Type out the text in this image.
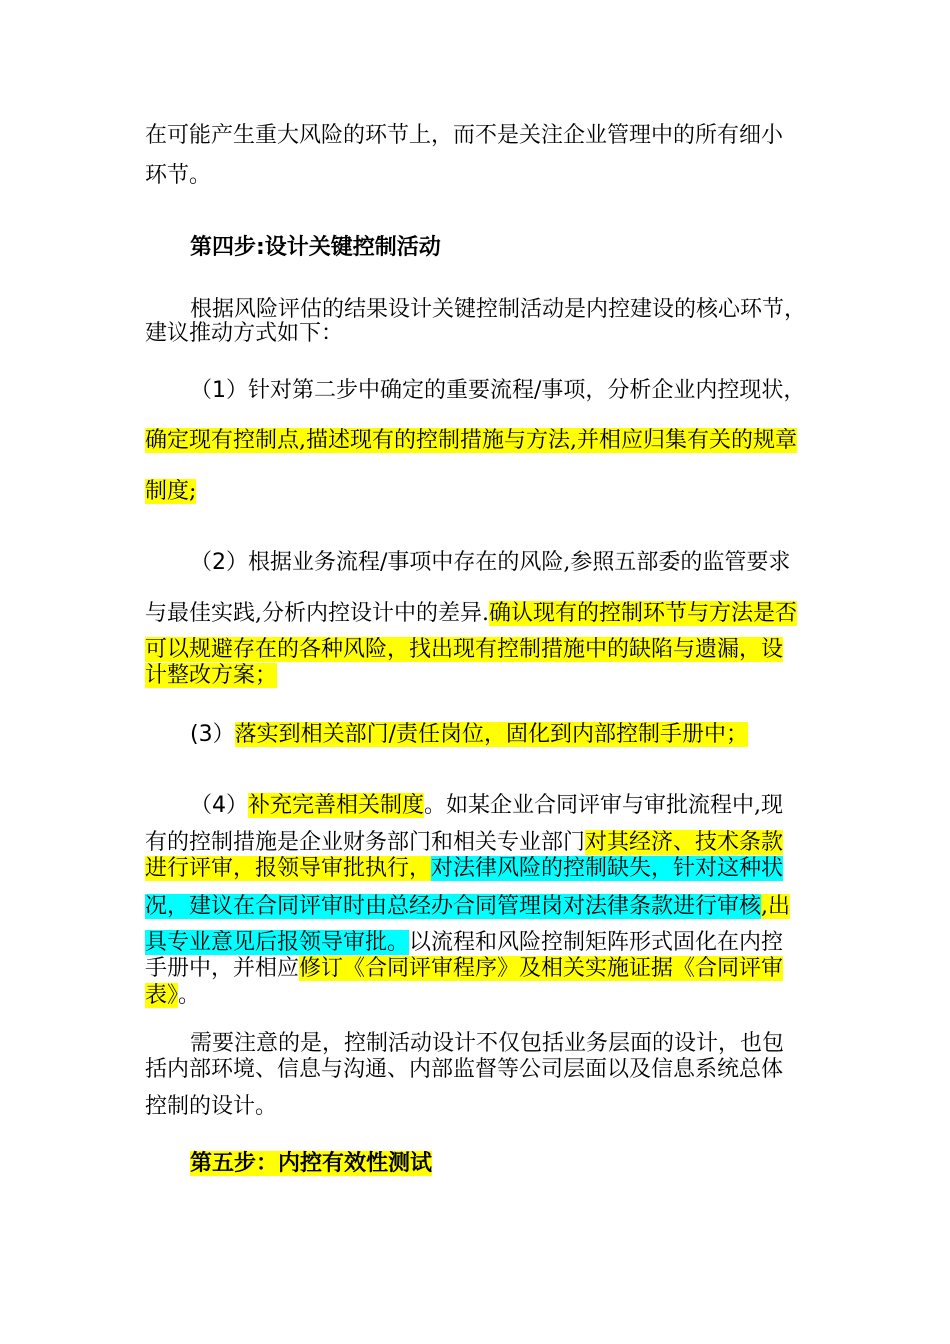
在可能产生重大风险的环节上，而不是关注企业管理中的所有细小
环节。
第四步:设计关键控制活动
根据风险评估的结果设计关键控制活动是内控建设的核心环节，
建议推动方式如下：
（1）针对第二步中确定的重要流程/事项，分析企业内控现状，
确定现有控制点,描述现有的控制措施与方法,并相应归集有关的规章
制度;
（2）根据业务流程/事项中存在的风险,参照五部委的监管要求
与最佳实践,分析内控设计中的差异.确认现有的控制环节与方法是否
可以规避存在的各种风险，找出现有控制措施中的缺陷与遗漏，设
计整改方案；
(3）落实到相关部门/责任岗位，固化到内部控制手册中；
（4）补充完善相关制度。如某企业合同评审与审批流程中,现
有的控制措施是企业财务部门和相关专业部门对其经济、技术条款
进行评审，报领导审批执行，对法律风险的控制缺失，针对这种状
况，建议在合同评审时由总经办合同管理岗对法律条款进行审核,出
具专业意见后报领导审批。以流程和风险控制矩阵形式固化在内控
手册中，并相应修订《合同评审程序》及相关实施证据《合同评审
表》。
需要注意的是，控制活动设计不仅包括业务层面的设计，也包
括内部环境、信息与沟通、内部监督等公司层面以及信息系统总体
控制的设计。
第五步：内控有效性测试
